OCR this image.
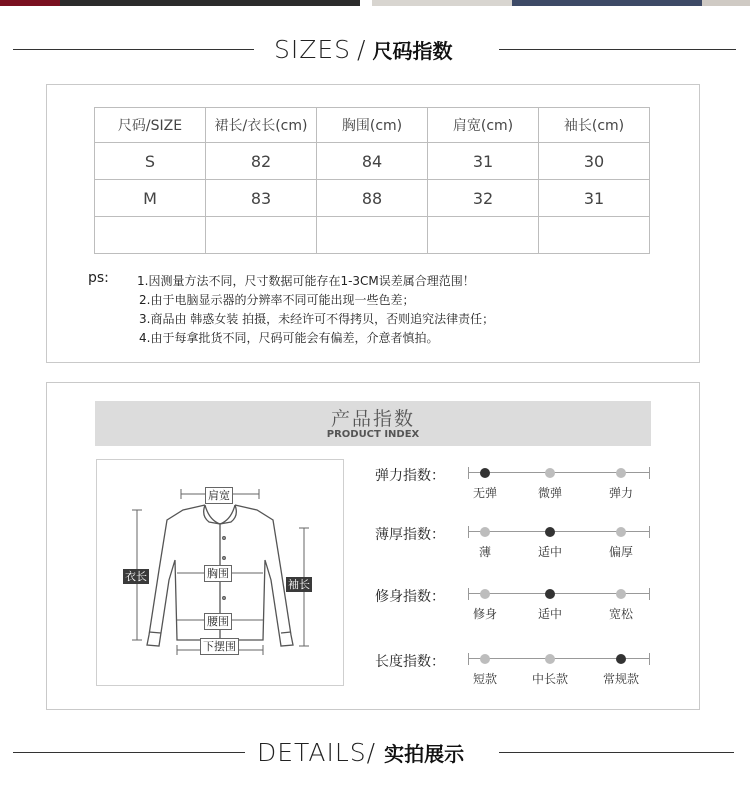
SIZES / 尺码指数
尺码/SIZE	裙长/衣长(cm)	胸围(cm)	肩宽(cm)	袖长(cm)
S	82	84	31	30
M	83	88	32	31

ps: 1.因测量方法不同，尺寸数据可能存在1-3CM误差属合理范围！
2.由于电脑显示器的分辨率不同可能出现一些色差；
3.商品由 韩惑女装 拍摄，未经许可不得拷贝，否则追究法律责任；
4.由于每拿批货不同，尺码可能会有偏差，介意者慎拍。
产品指数
PRODUCT INDEX
肩宽
衣长	胸围
袖长
腰围
下摆围
弹力指数：
无弹	微弹	弹力
薄厚指数：
薄	适中	偏厚
修身指数：
修身	适中	宽松
长度指数：
短款	中长款	常规款
DETAILS/ 实拍展示
